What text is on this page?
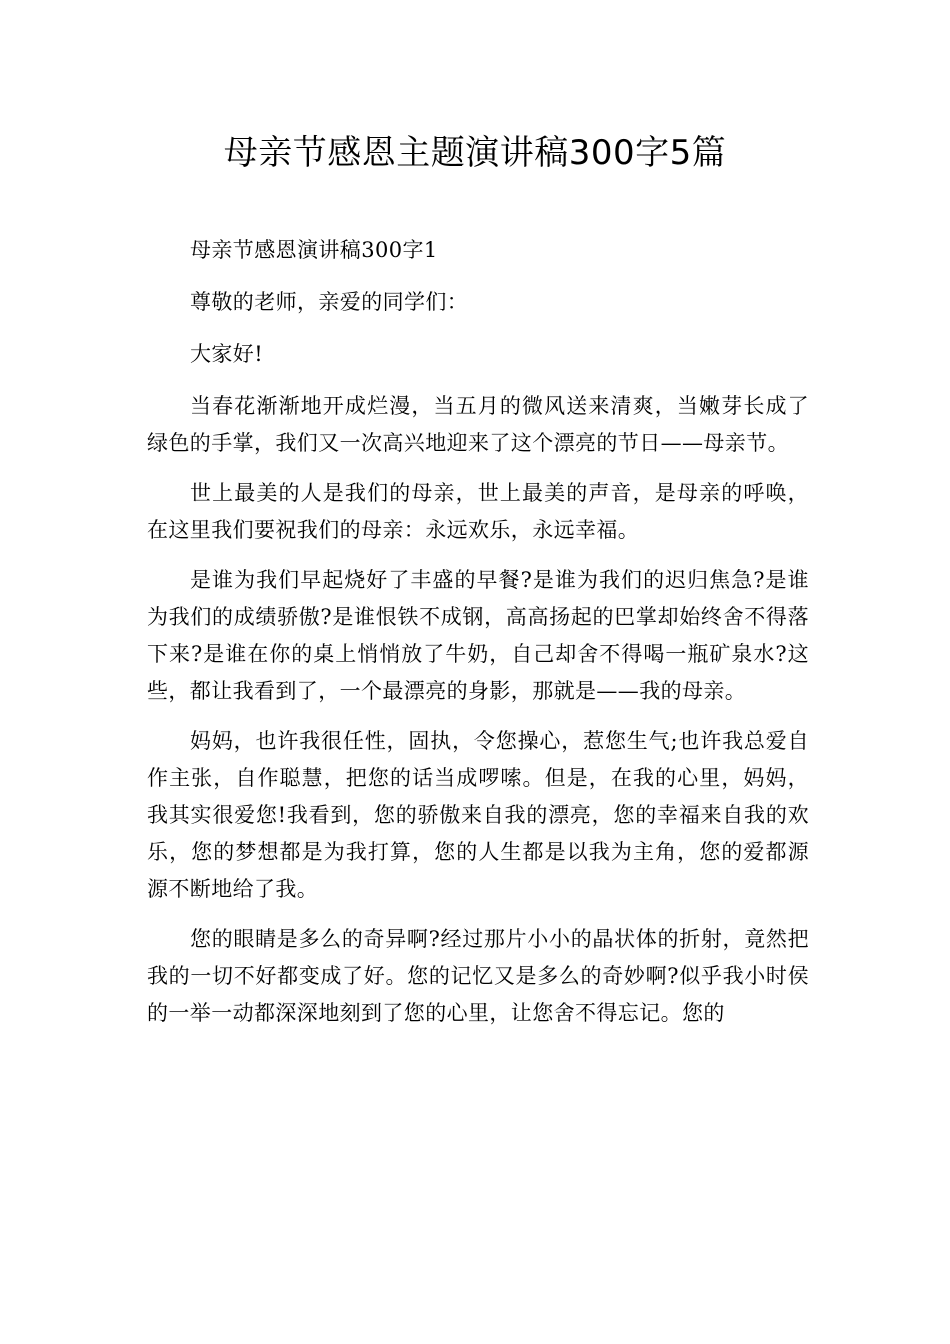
母亲节感恩主题演讲稿300字5篇

母亲节感恩演讲稿300字1

尊敬的老师，亲爱的同学们：

大家好!

当春花渐渐地开成烂漫，当五月的微风送来清爽，当嫩芽长成了绿色的手掌，我们又一次高兴地迎来了这个漂亮的节日——母亲节。

世上最美的人是我们的母亲，世上最美的声音，是母亲的呼唤，在这里我们要祝我们的母亲：永远欢乐，永远幸福。

是谁为我们早起烧好了丰盛的早餐?是谁为我们的迟归焦急?是谁为我们的成绩骄傲?是谁恨铁不成钢，高高扬起的巴掌却始终舍不得落下来?是谁在你的桌上悄悄放了牛奶，自己却舍不得喝一瓶矿泉水?这些，都让我看到了，一个最漂亮的身影，那就是——我的母亲。

妈妈，也许我很任性，固执，令您操心，惹您生气;也许我总爱自作主张，自作聪慧，把您的话当成啰嗦。但是，在我的心里，妈妈，我其实很爱您!我看到，您的骄傲来自我的漂亮，您的幸福来自我的欢乐，您的梦想都是为我打算，您的人生都是以我为主角，您的爱都源源不断地给了我。

您的眼睛是多么的奇异啊?经过那片小小的晶状体的折射，竟然把我的一切不好都变成了好。您的记忆又是多么的奇妙啊?似乎我小时侯的一举一动都深深地刻到了您的心里，让您舍不得忘记。您的
